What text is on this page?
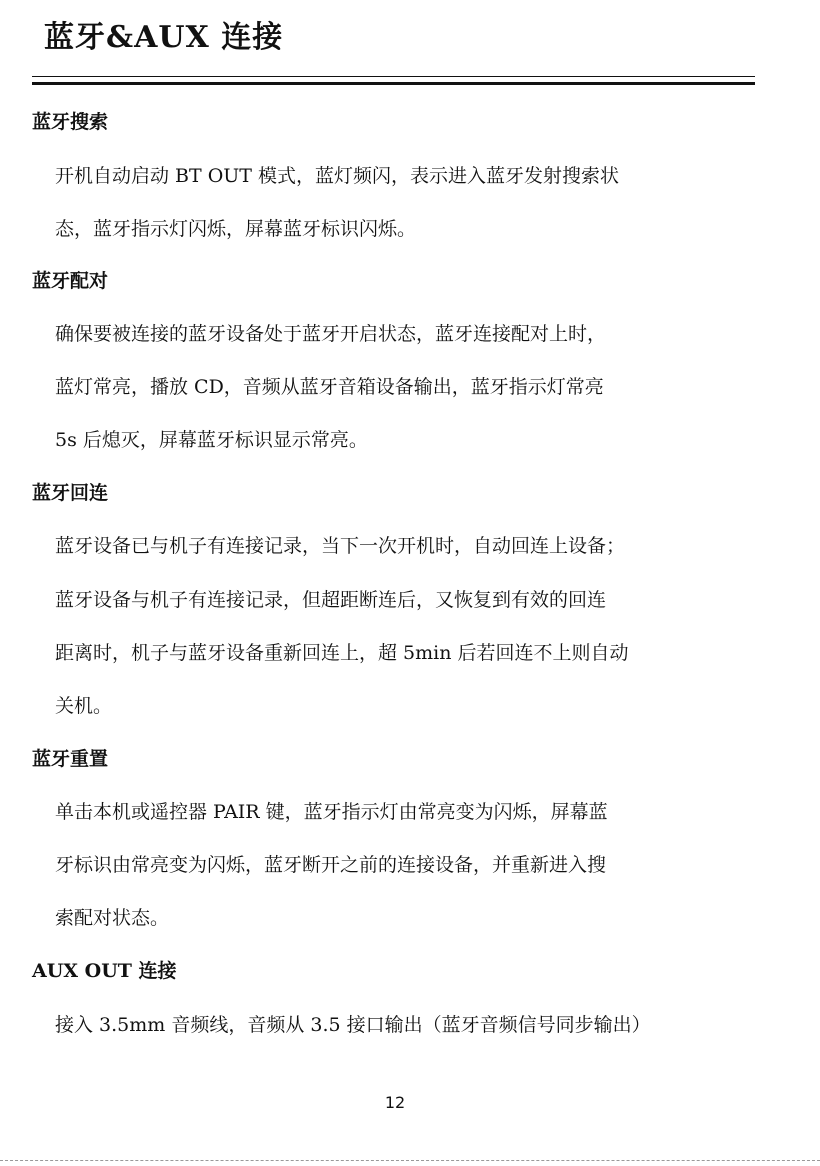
蓝牙&AUX 连接
蓝牙搜索
开机自动启动 BT OUT 模式，蓝灯频闪，表示进入蓝牙发射搜索状
态，蓝牙指示灯闪烁，屏幕蓝牙标识闪烁。
蓝牙配对
确保要被连接的蓝牙设备处于蓝牙开启状态，蓝牙连接配对上时，
蓝灯常亮，播放 CD，音频从蓝牙音箱设备输出，蓝牙指示灯常亮
5s 后熄灭，屏幕蓝牙标识显示常亮。
蓝牙回连
蓝牙设备已与机子有连接记录，当下一次开机时，自动回连上设备；
蓝牙设备与机子有连接记录，但超距断连后，又恢复到有效的回连
距离时，机子与蓝牙设备重新回连上，超 5min 后若回连不上则自动
关机。
蓝牙重置
单击本机或遥控器 PAIR 键，蓝牙指示灯由常亮变为闪烁，屏幕蓝
牙标识由常亮变为闪烁，蓝牙断开之前的连接设备，并重新进入搜
索配对状态。
AUX OUT 连接
接入 3.5mm 音频线，音频从 3.5 接口输出（蓝牙音频信号同步输出）
12
